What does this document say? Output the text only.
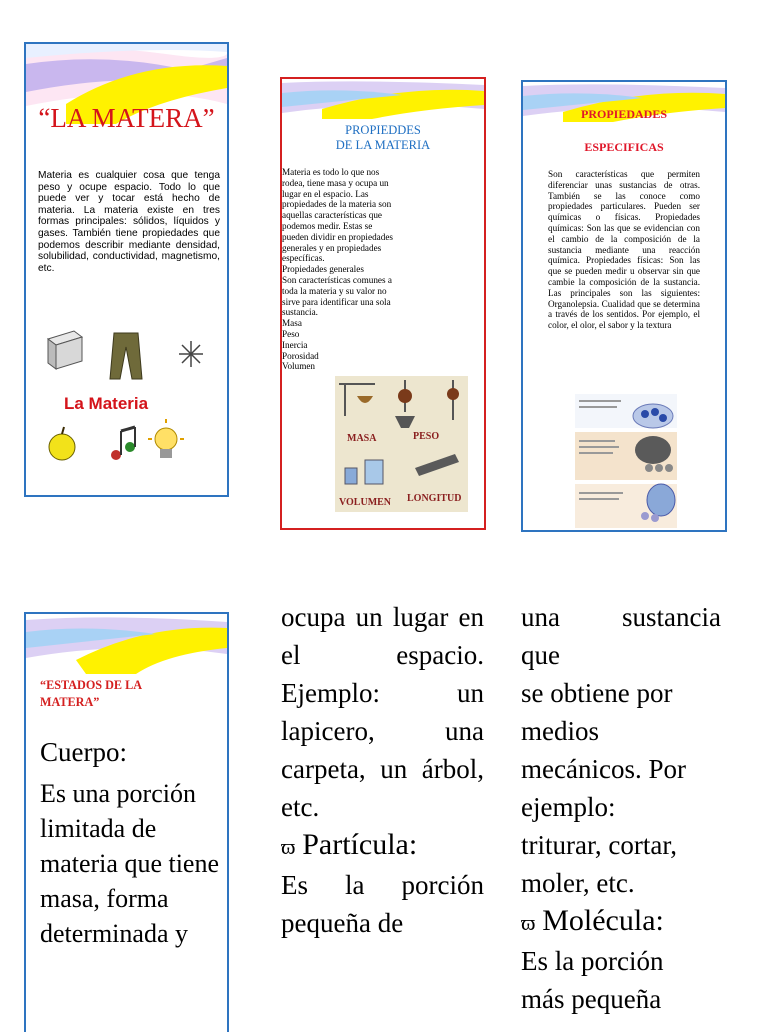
“LA MATERA”

Materia es cualquier cosa que tenga peso y ocupe espacio. Todo lo que puede ver y tocar está hecho de materia. La materia existe en tres formas principales: sólidos, líquidos y gases. También tiene propiedades que podemos describir mediante densidad, solubilidad, conductividad, magnetismo, etc.

La Materia
PROPIEDDES
DE LA MATERIA
Materia es todo lo que nos
rodea, tiene masa y ocupa un
lugar en el espacio. Las
propiedades de la materia son
aquellas características que
podemos medir. Estas se
pueden dividir en propiedades
generales y en propiedades
específicas.
Propiedades generales
Son características comunes a
toda la materia y su valor no
sirve para identificar una sola
sustancia.
Masa
Peso
Inercia
Porosidad
Volumen
MASA	PESO
VOLUMEN LONGITUD
PROPIEDADES
ESPECIFICAS

Son características que permiten diferenciar unas sustancias de otras. También se las conoce como propiedades particulares. Pueden ser químicas o físicas. Propiedades químicas: Son las que se evidencian con el cambio de la composición de la sustancia mediante una reacción química. Propiedades físicas: Son las que se pueden medir u observar sin que cambie la composición de la sustancia. Las principales son las siguientes: Organolepsia. Cualidad que se determina a través de los sentidos. Por ejemplo, el color, el olor, el sabor y la textura

“ESTADOS DE LA MATERA”
Cuerpo:

Es una porción limitada de materia que tiene masa, forma determinada y

ocupa un lugar en el espacio. Ejemplo: un lapicero, una carpeta, un árbol, etc.
ϖ Partícula:
Es la porción pequeña de
una sustancia
que
se obtiene por
medios
mecánicos. Por
ejemplo:
triturar, cortar,
moler, etc.
ϖ Molécula:
Es la porción
más pequeña
